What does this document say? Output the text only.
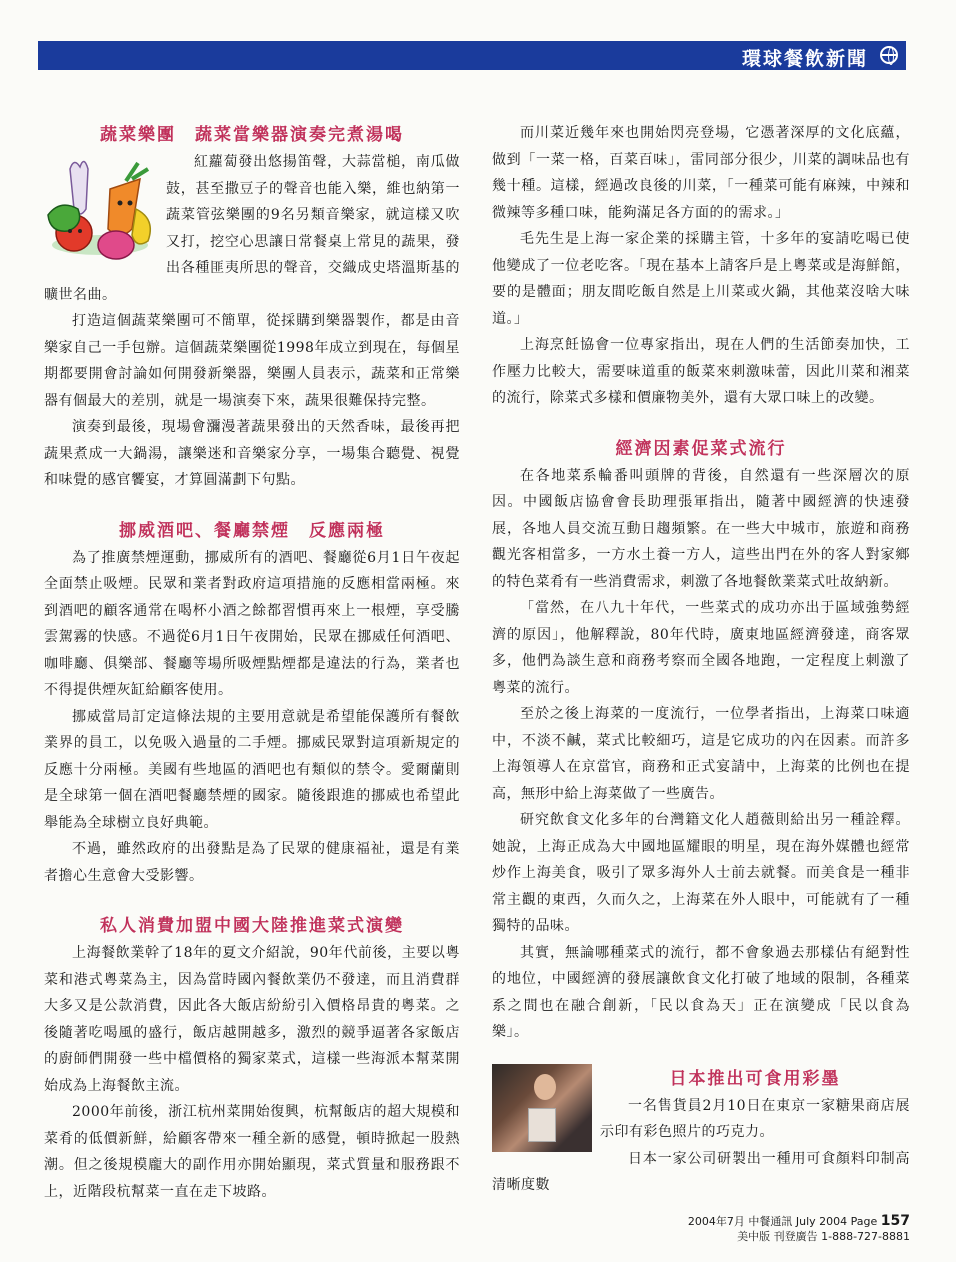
環球餐飲新聞
蔬菜樂團　蔬菜當樂器演奏完煮湯喝

紅蘿蔔發出悠揚笛聲，大蒜當槌，南瓜做鼓，甚至撒豆子的聲音也能入樂，維也納第一蔬菜管弦樂團的9名另類音樂家，就這樣又吹又打，挖空心思讓日常餐桌上常見的蔬果，發出各種匪夷所思的聲音，交織成史塔溫斯基的曠世名曲。

打造這個蔬菜樂團可不簡單，從採購到樂器製作，都是由音樂家自己一手包辦。這個蔬菜樂團從1998年成立到現在，每個星期都要開會討論如何開發新樂器，樂團人員表示，蔬菜和正常樂器有個最大的差別，就是一場演奏下來，蔬果很難保持完整。

演奏到最後，現場會瀰漫著蔬果發出的天然香味，最後再把蔬果煮成一大鍋湯，讓樂迷和音樂家分享，一場集合聽覺、視覺和味覺的感官饗宴，才算圓滿劃下句點。

挪威酒吧、餐廳禁煙　反應兩極

為了推廣禁煙運動，挪威所有的酒吧、餐廳從6月1日午夜起全面禁止吸煙。民眾和業者對政府這項措施的反應相當兩極。來到酒吧的顧客通常在喝杯小酒之餘都習慣再來上一根煙，享受騰雲駕霧的快感。不過從6月1日午夜開始，民眾在挪威任何酒吧、咖啡廳、俱樂部、餐廳等場所吸煙點煙都是違法的行為，業者也不得提供煙灰缸給顧客使用。

挪威當局訂定這條法規的主要用意就是希望能保護所有餐飲業界的員工，以免吸入過量的二手煙。挪威民眾對這項新規定的反應十分兩極。美國有些地區的酒吧也有類似的禁令。愛爾蘭則是全球第一個在酒吧餐廳禁煙的國家。隨後跟進的挪威也希望此舉能為全球樹立良好典範。

不過，雖然政府的出發點是為了民眾的健康福祉，還是有業者擔心生意會大受影響。

私人消費加盟中國大陸推進菜式演變

上海餐飲業幹了18年的夏文介紹說，90年代前後，主要以粵菜和港式粵菜為主，因為當時國內餐飲業仍不發達，而且消費群大多又是公款消費，因此各大飯店紛紛引入價格昂貴的粵菜。之後隨著吃喝風的盛行，飯店越開越多，激烈的競爭逼著各家飯店的廚師們開發一些中檔價格的獨家菜式，這樣一些海派本幫菜開始成為上海餐飲主流。

2000年前後，浙江杭州菜開始復興，杭幫飯店的超大規模和菜肴的低價新鮮，給顧客帶來一種全新的感覺，頓時掀起一股熱潮。但之後規模龐大的副作用亦開始顯現，菜式質量和服務跟不上，近階段杭幫菜一直在走下坡路。

而川菜近幾年來也開始閃亮登場，它憑著深厚的文化底蘊，做到「一菜一格，百菜百味」，雷同部分很少，川菜的調味品也有幾十種。這樣，經過改良後的川菜，「一種菜可能有麻辣，中辣和微辣等多種口味，能夠滿足各方面的的需求。」

毛先生是上海一家企業的採購主管，十多年的宴請吃喝已使他變成了一位老吃客。「現在基本上請客戶是上粵菜或是海鮮館，要的是體面；朋友間吃飯自然是上川菜或火鍋，其他菜沒啥大味道。」

上海烹飪協會一位專家指出，現在人們的生活節奏加快，工作壓力比較大，需要味道重的飯菜來刺激味蕾，因此川菜和湘菜的流行，除菜式多樣和價廉物美外，還有大眾口味上的改變。

經濟因素促菜式流行

在各地菜系輪番叫頭牌的背後，自然還有一些深層次的原因。中國飯店協會會長助理張軍指出，隨著中國經濟的快速發展，各地人員交流互動日趨頻繁。在一些大中城市，旅遊和商務觀光客相當多，一方水土養一方人，這些出門在外的客人對家鄉的特色菜肴有一些消費需求，刺激了各地餐飲業菜式吐故納新。

「當然，在八九十年代，一些菜式的成功亦出于區域強勢經濟的原因」，他解釋說，80年代時，廣東地區經濟發達，商客眾多，他們為談生意和商務考察而全國各地跑，一定程度上刺激了粵菜的流行。

至於之後上海菜的一度流行，一位學者指出，上海菜口味適中，不淡不鹹，菜式比較細巧，這是它成功的內在因素。而許多上海領導人在京當官，商務和正式宴請中，上海菜的比例也在提高，無形中給上海菜做了一些廣告。

研究飲食文化多年的台灣籍文化人趙薇則給出另一種詮釋。她說，上海正成為大中國地區耀眼的明星，現在海外媒體也經常炒作上海美食，吸引了眾多海外人士前去就餐。而美食是一種非常主觀的東西，久而久之，上海菜在外人眼中，可能就有了一種獨特的品味。

其實，無論哪種菜式的流行，都不會象過去那樣佔有絕對性的地位，中國經濟的發展讓飲食文化打破了地域的限制，各種菜系之間也在融合創新，「民以食為天」正在演變成「民以食為樂」。

日本推出可食用彩墨

一名售貨員2月10日在東京一家糖果商店展示印有彩色照片的巧克力。

日本一家公司研製出一種用可食顏料印制高清晰度數

2004年7月 中餐通訊 July 2004 Page 157
美中版 刊登廣告 1-888-727-8881
